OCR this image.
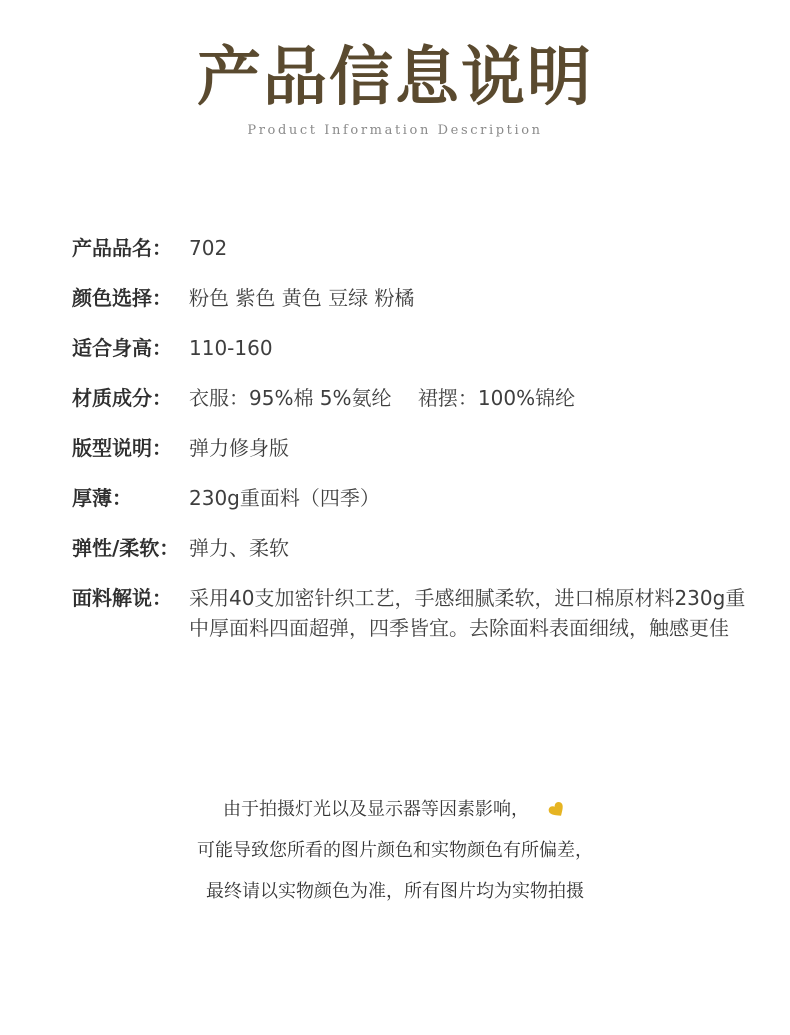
产品信息说明
Product Information Description
产品品名： 702
颜色选择： 粉色 紫色 黄色 豆绿 粉橘
适合身高： 110-160
材质成分： 衣服：95%棉 5%氨纶　 裙摆：100%锦纶
版型说明： 弹力修身版
厚薄：	230g重面料（四季）
弹性/柔软： 弹力、柔软
面料解说： 采用40支加密针织工艺，手感细腻柔软，进口棉原材料230g重中厚面料四面超弹，四季皆宜。去除面料表面细绒，触感更佳
由于拍摄灯光以及显示器等因素影响，
可能导致您所看的图片颜色和实物颜色有所偏差，
最终请以实物颜色为准，所有图片均为实物拍摄
